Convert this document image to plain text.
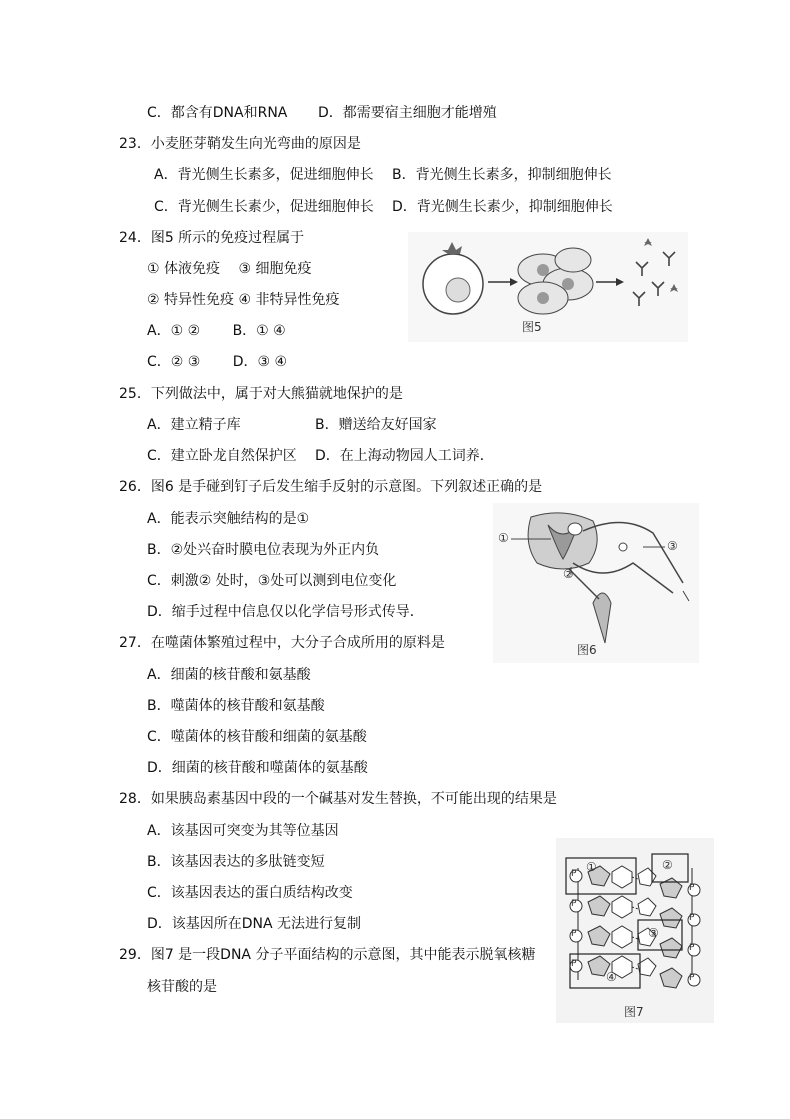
C．都含有DNA和RNA D．都需要宿主细胞才能增殖
23．小麦胚芽鞘发生向光弯曲的原因是
A．背光侧生长素多，促进细胞伸长 B．背光侧生长素多，抑制细胞伸长
C．背光侧生长素少，促进细胞伸长 D．背光侧生长素少，抑制细胞伸长
24．图5 所示的免疫过程属于
① 体液免疫　 ③ 细胞免疫
② 特异性免疫 ④ 非特异性免疫
A．① ②　　 B．① ④
C．② ③　　 D．③ ④
25．下列做法中，属于对大熊猫就地保护的是
A．建立精子库	B．赠送给友好国家
C．建立卧龙自然保护区 D．在上海动物园人工词养．
26．图6 是手碰到钉子后发生缩手反射的示意图。下列叙述正确的是
A．能表示突触结构的是①
B．②处兴奋时膜电位表现为外正内负
C．刺激② 处时，③处可以测到电位变化
D．缩手过程中信息仅以化学信号形式传导．
27．在噬菌体繁殖过程中，大分子合成所用的原料是
A．细菌的核苷酸和氨基酸
B．噬菌体的核苷酸和氨基酸
C．噬菌体的核苷酸和细菌的氨基酸
D．细菌的核苷酸和噬菌体的氨基酸
28．如果胰岛素基因中段的一个碱基对发生替换，不可能出现的结果是
A．该基因可突变为其等位基因
B．该基因表达的多肽链变短
C．该基因表达的蛋白质结构改变
D．该基因所在DNA 无法进行复制
29．图7 是一段DNA 分子平面结构的示意图，其中能表示脱氧核糖
核苷酸的是
图5
①
②
③
图6
P
P
P
P
P
P
P
P
①	②
③
④
图7
